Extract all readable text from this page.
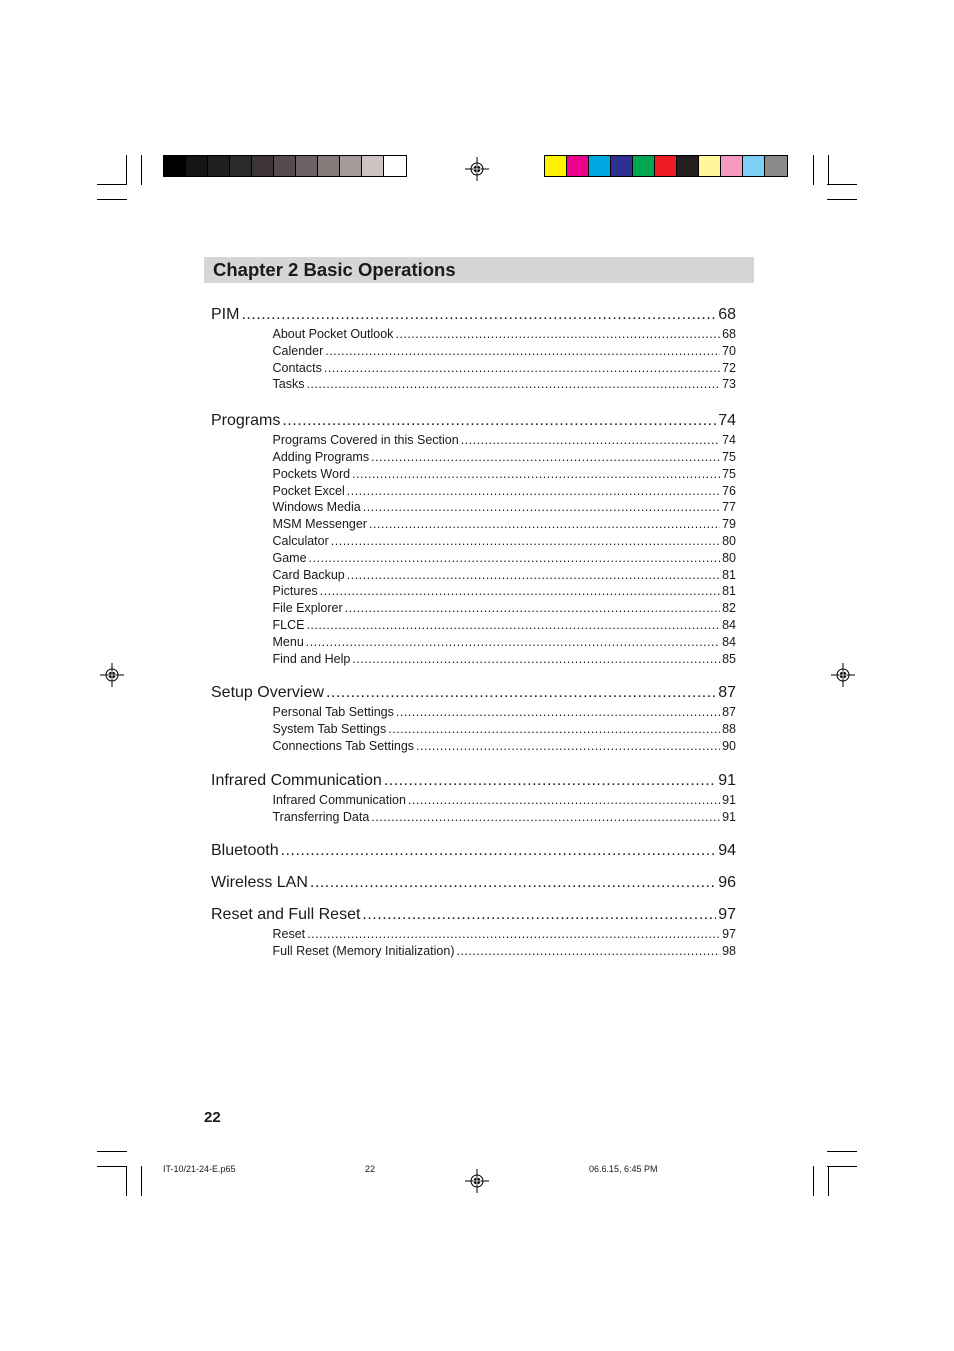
Chapter 2 Basic Operations
PIM .....	68
About Pocket Outlook .....	68
Calender .....	70
Contacts .....	72
Tasks .....	73
Programs .....	74
Programs Covered in this Section .....	74
Adding Programs .....	75
Pockets Word .....	75
Pocket Excel .....	76
Windows Media .....	77
MSM Messenger .....	79
Calculator .....	80
Game .....	80
Card Backup .....	81
Pictures .....	81
File Explorer .....	82
FLCE .....	84
Menu .....	84
Find and Help .....	85
Setup Overview .....	87
Personal Tab Settings .....	87
System Tab Settings .....	88
Connections Tab Settings .....	90
Infrared Communication .....	91
Infrared Communication .....	91
Transferring Data .....	91
Bluetooth .....	94
Wireless LAN .....	96
Reset and Full Reset .....	97
Reset .....	97
Full Reset (Memory Initialization) .....	98
22
IT-10/21-24-E.p65	22	06.6.15, 6:45 PM
